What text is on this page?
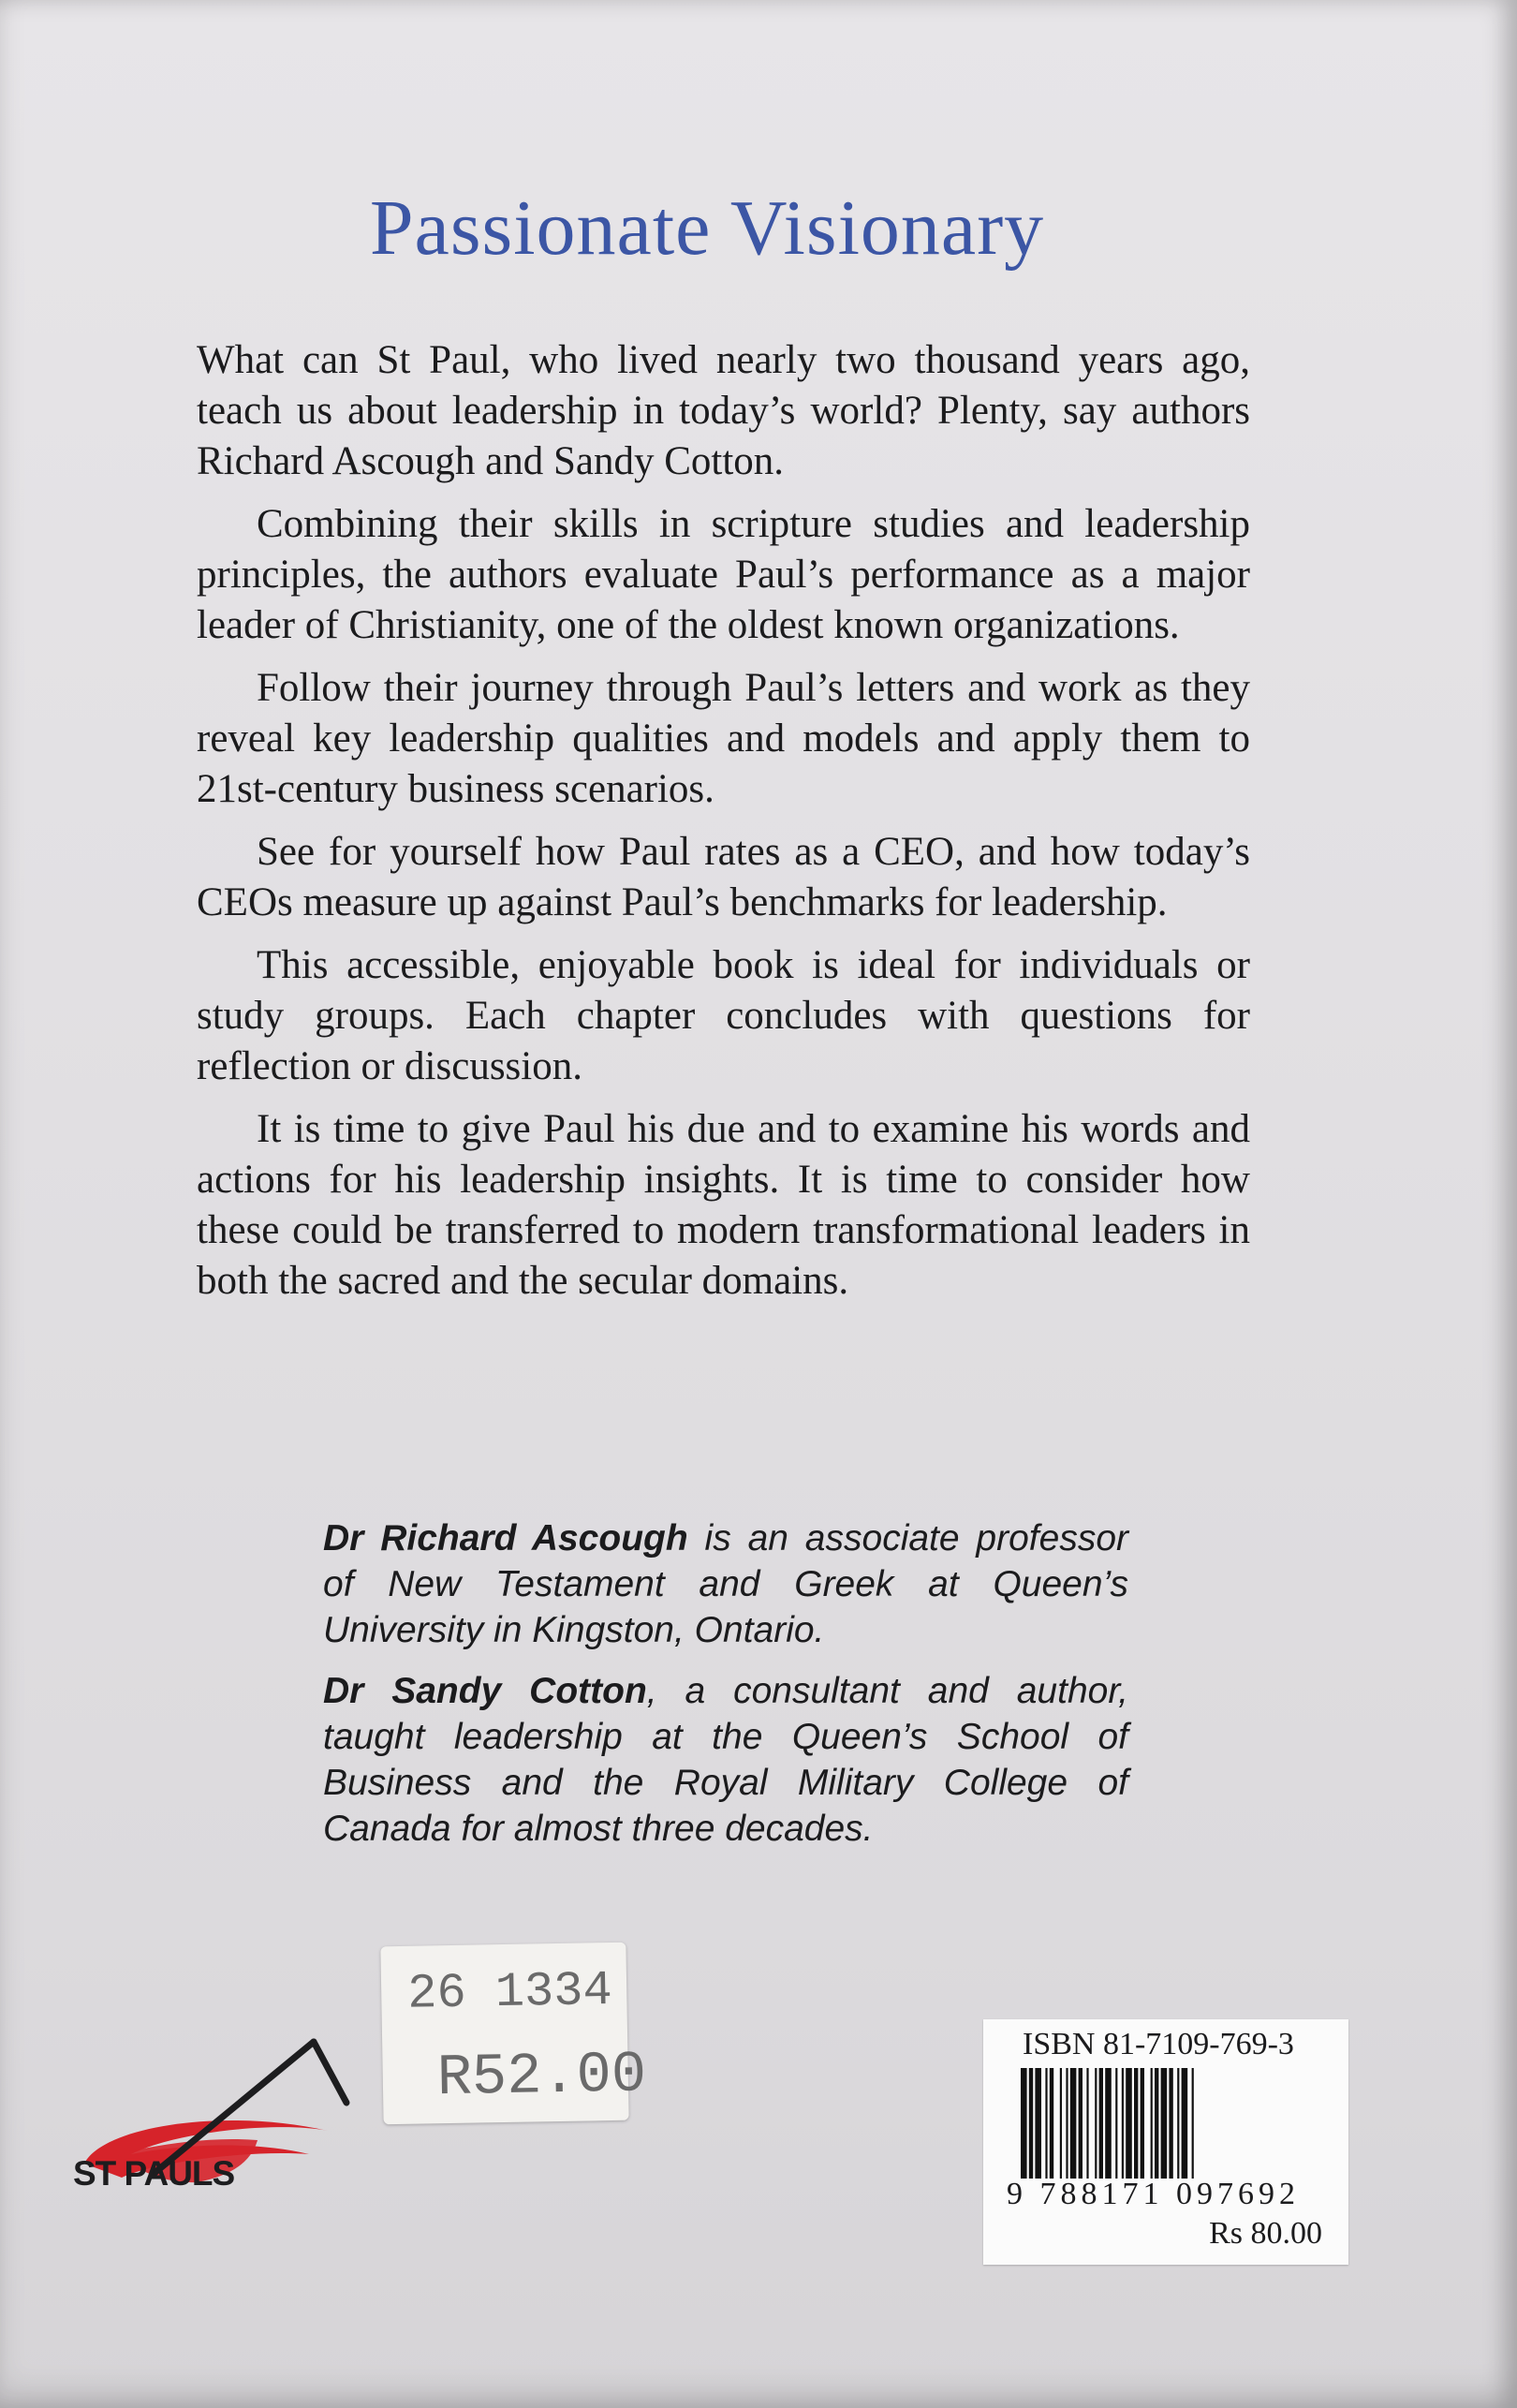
Passionate Visionary

What can St Paul, who lived nearly two thousand years ago, teach us about leadership in today’s world? Plenty, say authors Richard Ascough and Sandy Cotton.

Combining their skills in scripture studies and leadership principles, the authors evaluate Paul’s performance as a major leader of Christianity, one of the oldest known organizations.

Follow their journey through Paul’s letters and work as they reveal key leadership qualities and models and apply them to 21st-century business scenarios.

See for yourself how Paul rates as a CEO, and how today’s CEOs measure up against Paul’s benchmarks for leadership.

This accessible, enjoyable book is ideal for individuals or study groups. Each chapter concludes with questions for reflection or discussion.

It is time to give Paul his due and to examine his words and actions for his leadership insights. It is time to consider how these could be transferred to modern transformational leaders in both the sacred and the secular domains.

Dr Richard Ascough is an associate professor of New Testament and Greek at Queen’s University in Kingston, Ontario.

Dr Sandy Cotton, a consultant and author, taught leadership at the Queen’s School of Business and the Royal Military College of Canada for almost three decades.

26 1334
R52.00
ST PAULS
ISBN 81-7109-769-3
9 788171 097692
Rs 80.00
